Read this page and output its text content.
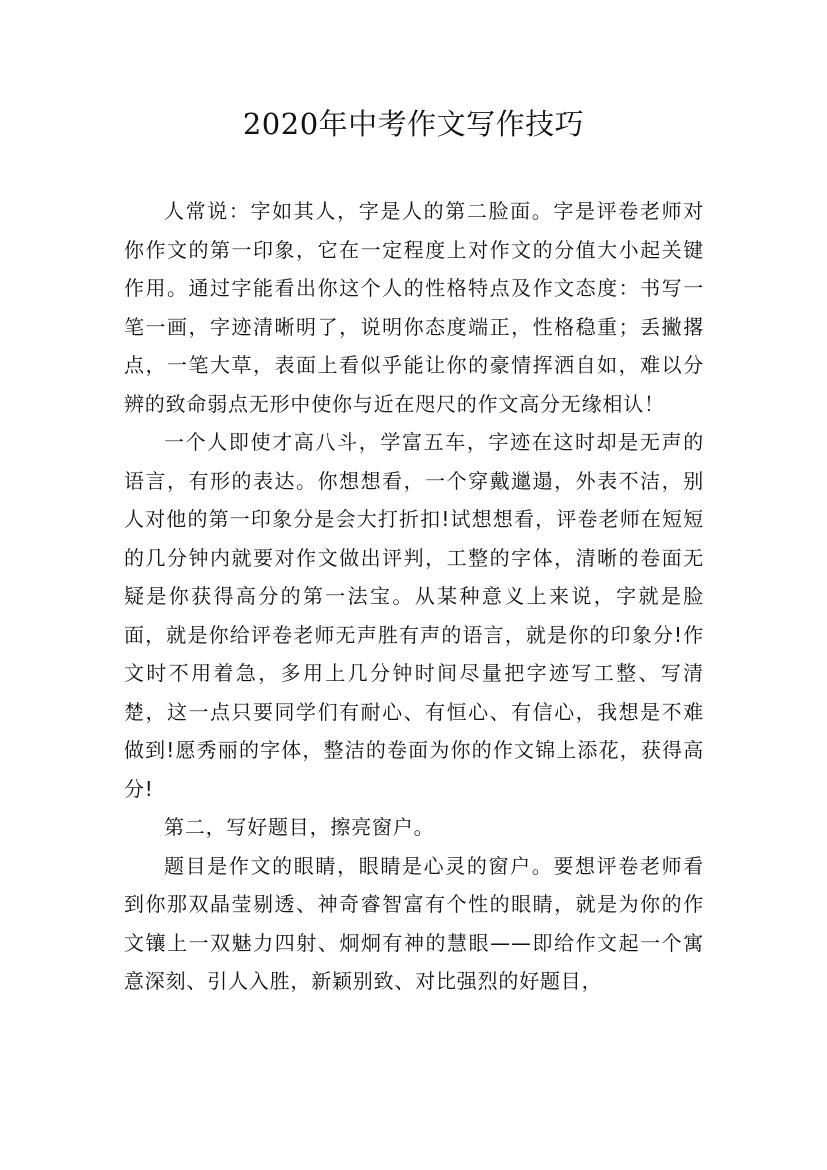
2020年中考作文写作技巧

人常说：字如其人，字是人的第二脸面。字是评卷老师对你作文的第一印象，它在一定程度上对作文的分值大小起关键作用。通过字能看出你这个人的性格特点及作文态度：书写一笔一画，字迹清晰明了，说明你态度端正，性格稳重；丢撇撂点，一笔大草，表面上看似乎能让你的豪情挥洒自如，难以分辨的致命弱点无形中使你与近在咫尺的作文高分无缘相认！

一个人即使才高八斗，学富五车，字迹在这时却是无声的语言，有形的表达。你想想看，一个穿戴邋遢，外表不洁，别人对他的第一印象分是会大打折扣!试想想看，评卷老师在短短的几分钟内就要对作文做出评判，工整的字体，清晰的卷面无疑是你获得高分的第一法宝。从某种意义上来说，字就是脸面，就是你给评卷老师无声胜有声的语言，就是你的印象分!作文时不用着急，多用上几分钟时间尽量把字迹写工整、写清楚，这一点只要同学们有耐心、有恒心、有信心，我想是不难做到!愿秀丽的字体，整洁的卷面为你的作文锦上添花，获得高分!

第二，写好题目，擦亮窗户。

题目是作文的眼睛，眼睛是心灵的窗户。要想评卷老师看到你那双晶莹剔透、神奇睿智富有个性的眼睛，就是为你的作文镶上一双魅力四射、炯炯有神的慧眼——即给作文起一个寓意深刻、引人入胜，新颖别致、对比强烈的好题目，
